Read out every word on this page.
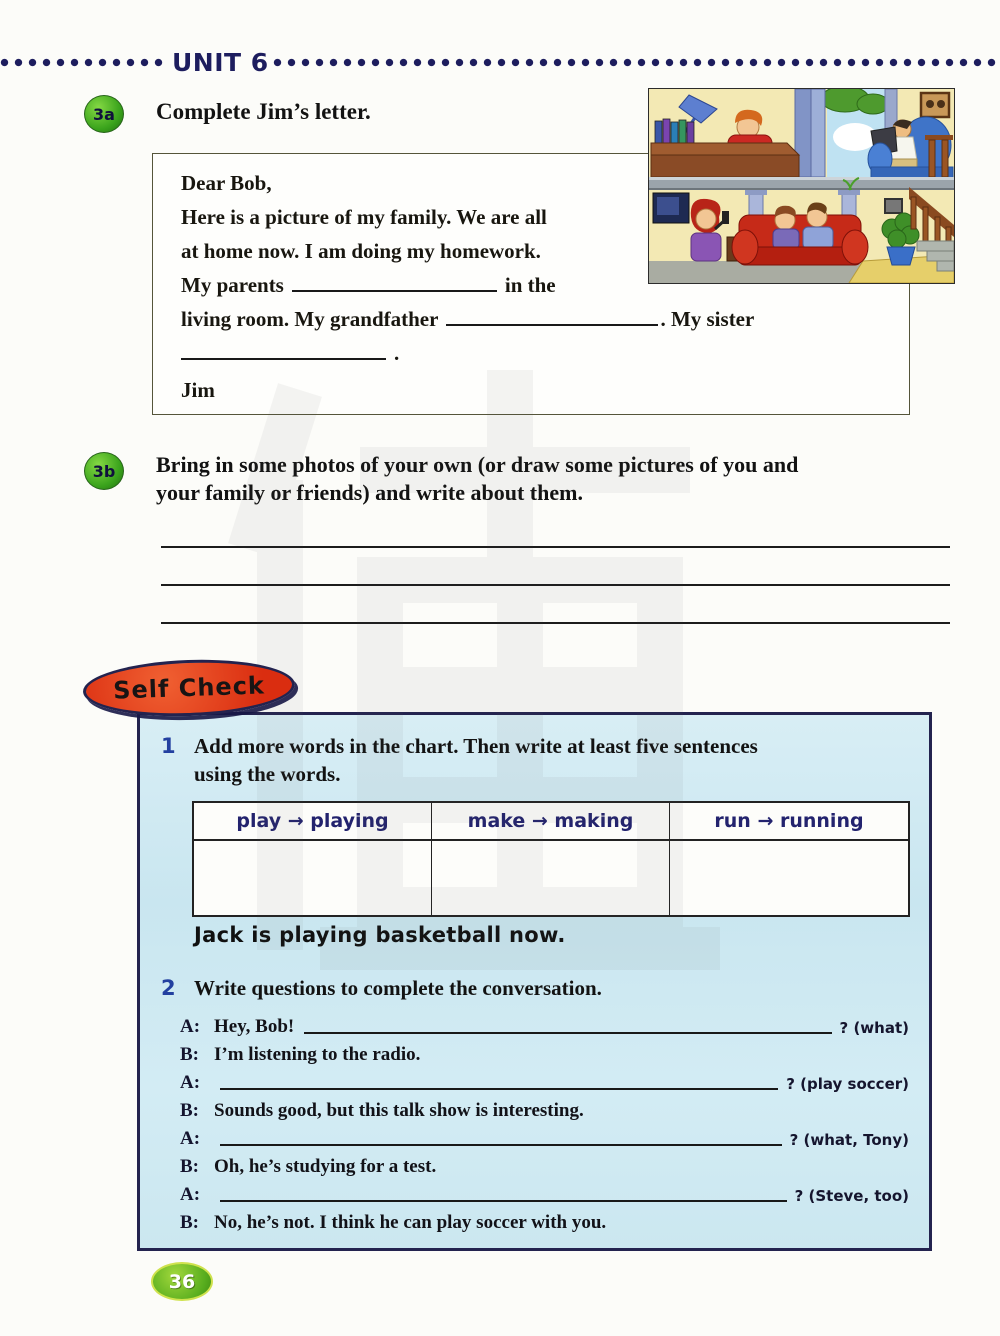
UNIT 6
3a	Complete Jim’s letter.
Dear Bob,
Here is a picture of my family. We are all
at home now. I am doing my homework.
My parents	in the
living room. My grandfather	. My sister
.
Jim
3b	Bring in some photos of your own (or draw some pictures of you and
your family or friends) and write about them.
Self Check
1 Add more words in the chart. Then write at least five sentences
using the words.
play → playing	make → making	run → running
Jack is playing basketball now.
2 Write questions to complete the conversation.
A: Hey, Bob!	? (what)
B: I’m listening to the radio.
A:	? (play soccer)
B: Sounds good, but this talk show is interesting.
A:	? (what, Tony)
B: Oh, he’s studying for a test.
A:	? (Steve, too)
B: No, he’s not. I think he can play soccer with you.
36
